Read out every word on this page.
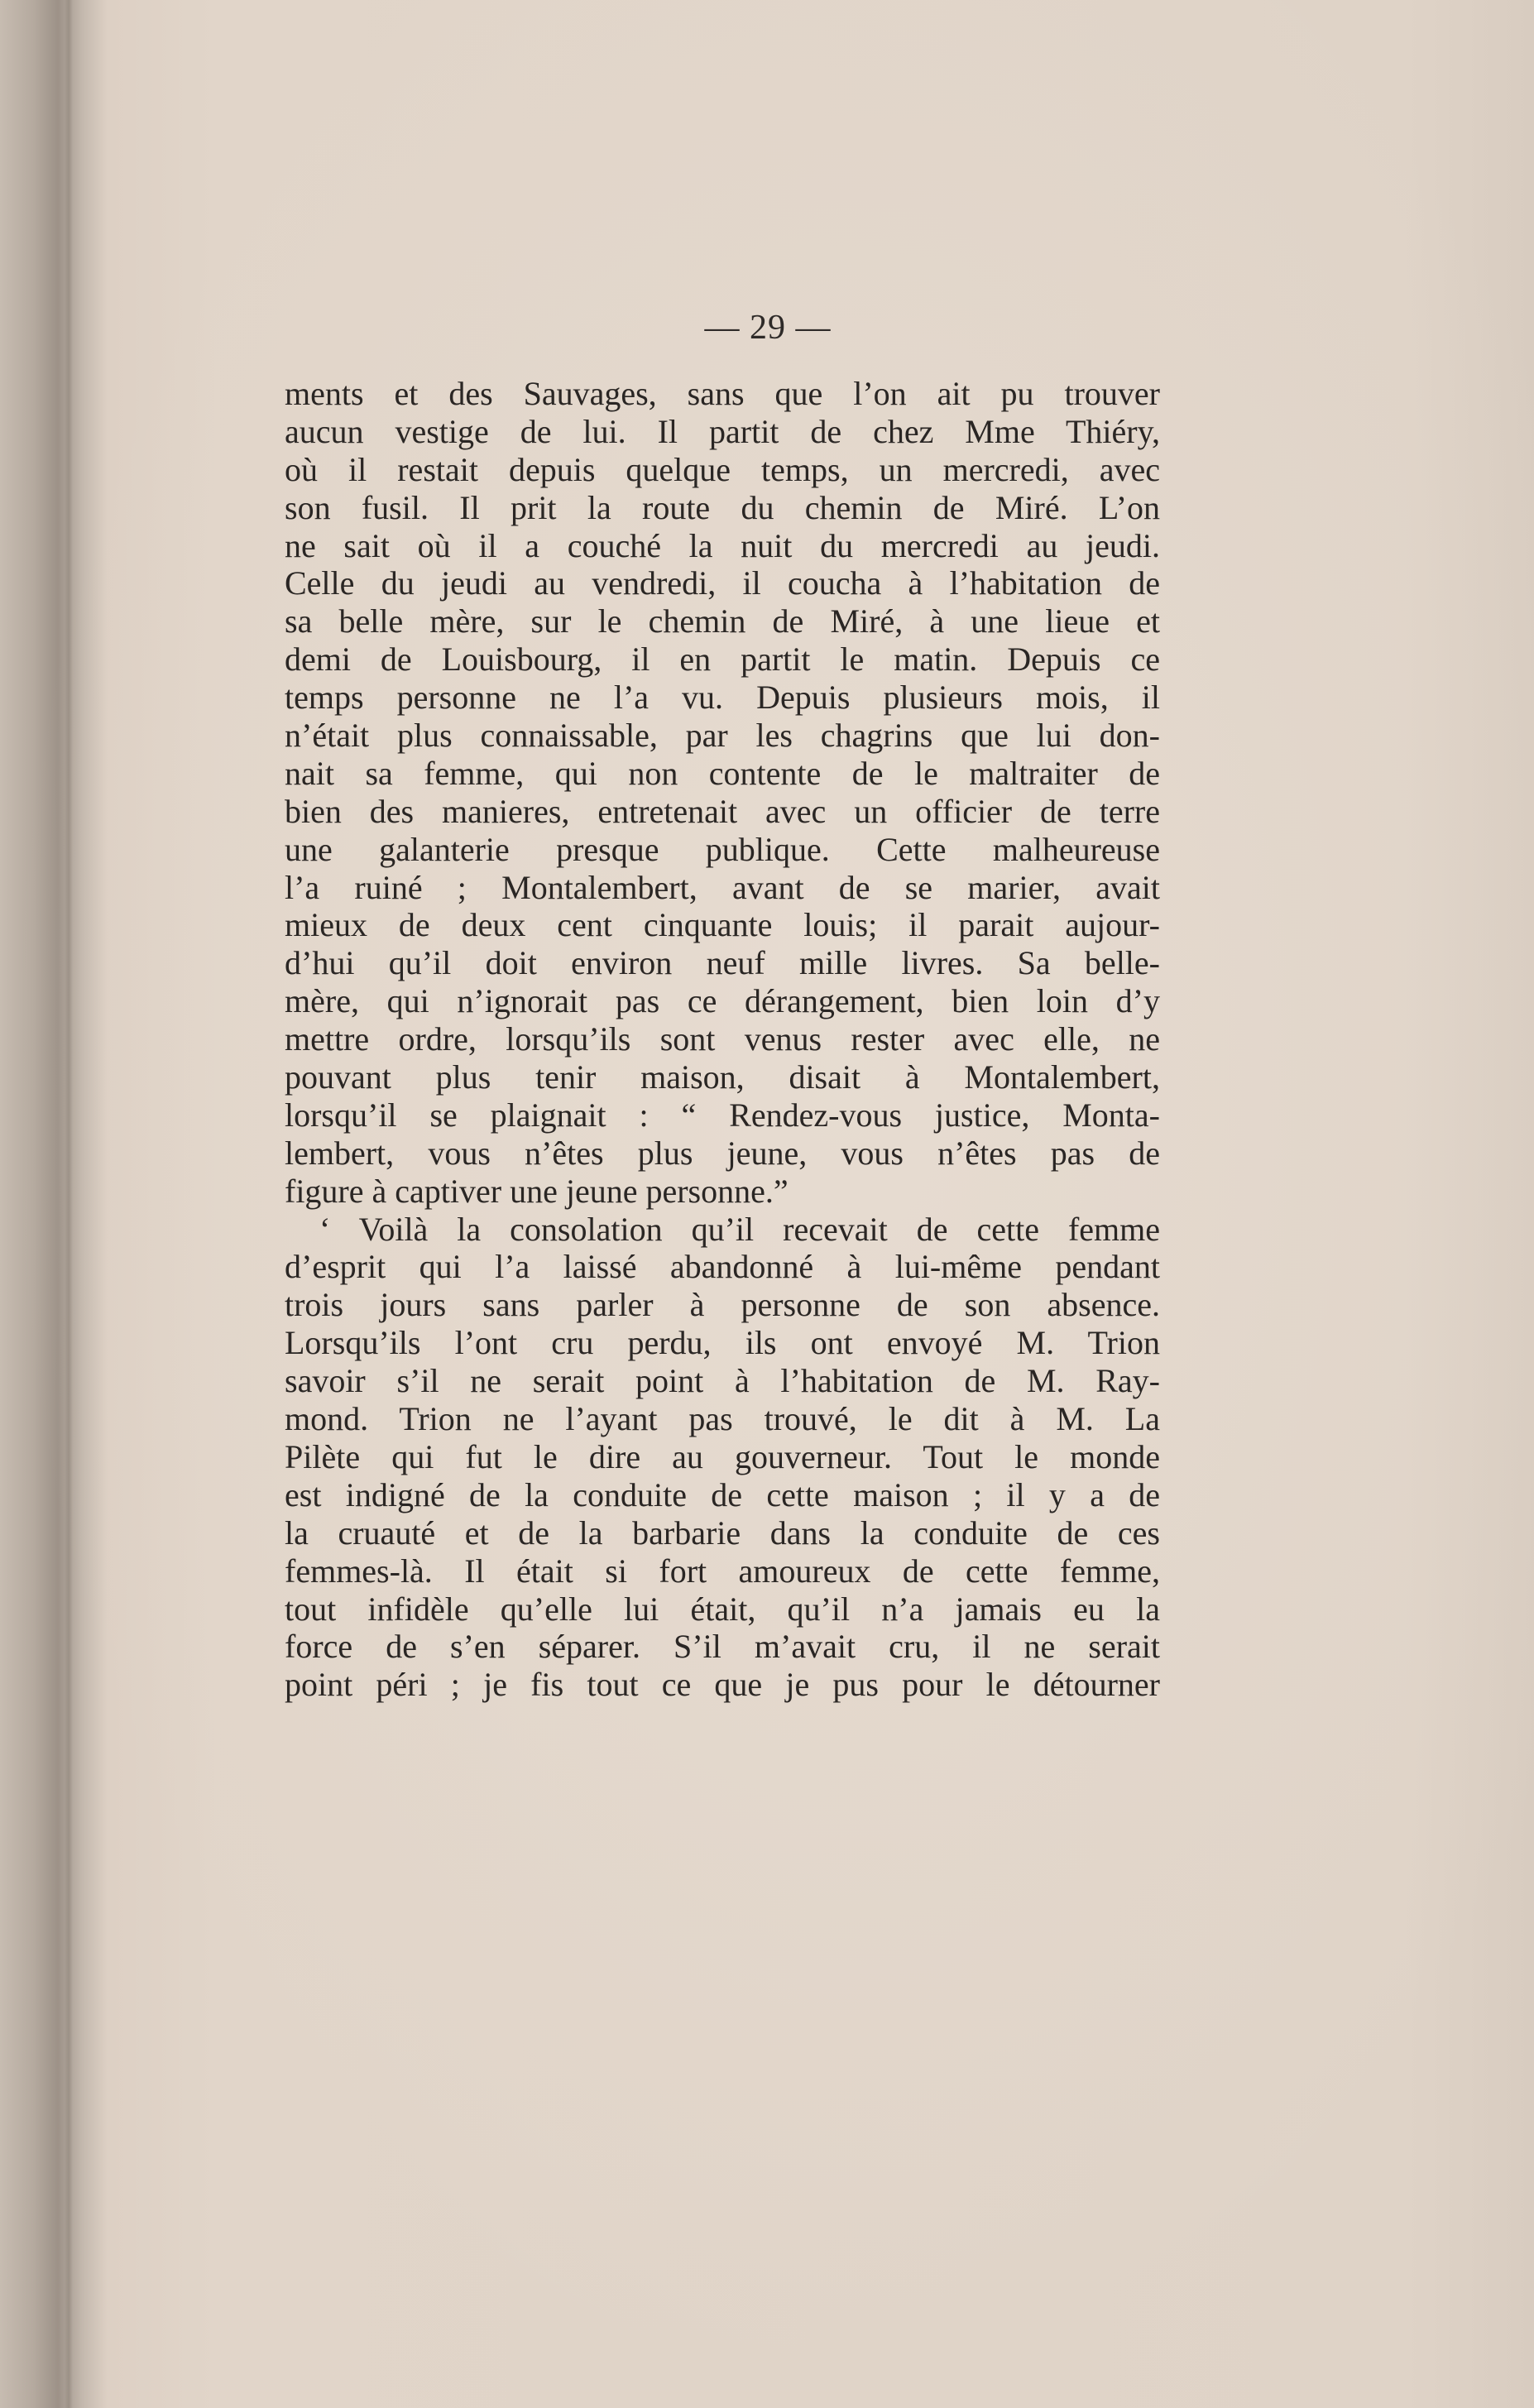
— 29 —
ments et des Sauvages, sans que l’on ait pu trouver
aucun vestige de lui. Il partit de chez Mme Thiéry,
où il restait depuis quelque temps, un mercredi, avec
son fusil. Il prit la route du chemin de Miré. L’on
ne sait où il a couché la nuit du mercredi au jeudi.
Celle du jeudi au vendredi, il coucha à l’habitation de
sa belle mère, sur le chemin de Miré, à une lieue et
demi de Louisbourg, il en partit le matin. Depuis ce
temps personne ne l’a vu. Depuis plusieurs mois, il
n’était plus connaissable, par les chagrins que lui don-
nait sa femme, qui non contente de le maltraiter de
bien des manieres, entretenait avec un officier de terre
une galanterie presque publique. Cette malheureuse
l’a ruiné ; Montalembert, avant de se marier, avait
mieux de deux cent cinquante louis; il parait aujour-
d’hui qu’il doit environ neuf mille livres. Sa belle-
mère, qui n’ignorait pas ce dérangement, bien loin d’y
mettre ordre, lorsqu’ils sont venus rester avec elle, ne
pouvant plus tenir maison, disait à Montalembert,
lorsqu’il se plaignait : “ Rendez-vous justice, Monta-
lembert, vous n’êtes plus jeune, vous n’êtes pas de
figure à captiver une jeune personne.”
‘ Voilà la consolation qu’il recevait de cette femme
d’esprit qui l’a laissé abandonné à lui-même pendant
trois jours sans parler à personne de son absence.
Lorsqu’ils l’ont cru perdu, ils ont envoyé M. Trion
savoir s’il ne serait point à l’habitation de M. Ray-
mond. Trion ne l’ayant pas trouvé, le dit à M. La
Pilète qui fut le dire au gouverneur. Tout le monde
est indigné de la conduite de cette maison ; il y a de
la cruauté et de la barbarie dans la conduite de ces
femmes-là. Il était si fort amoureux de cette femme,
tout infidèle qu’elle lui était, qu’il n’a jamais eu la
force de s’en séparer. S’il m’avait cru, il ne serait
point péri ; je fis tout ce que je pus pour le détourner
